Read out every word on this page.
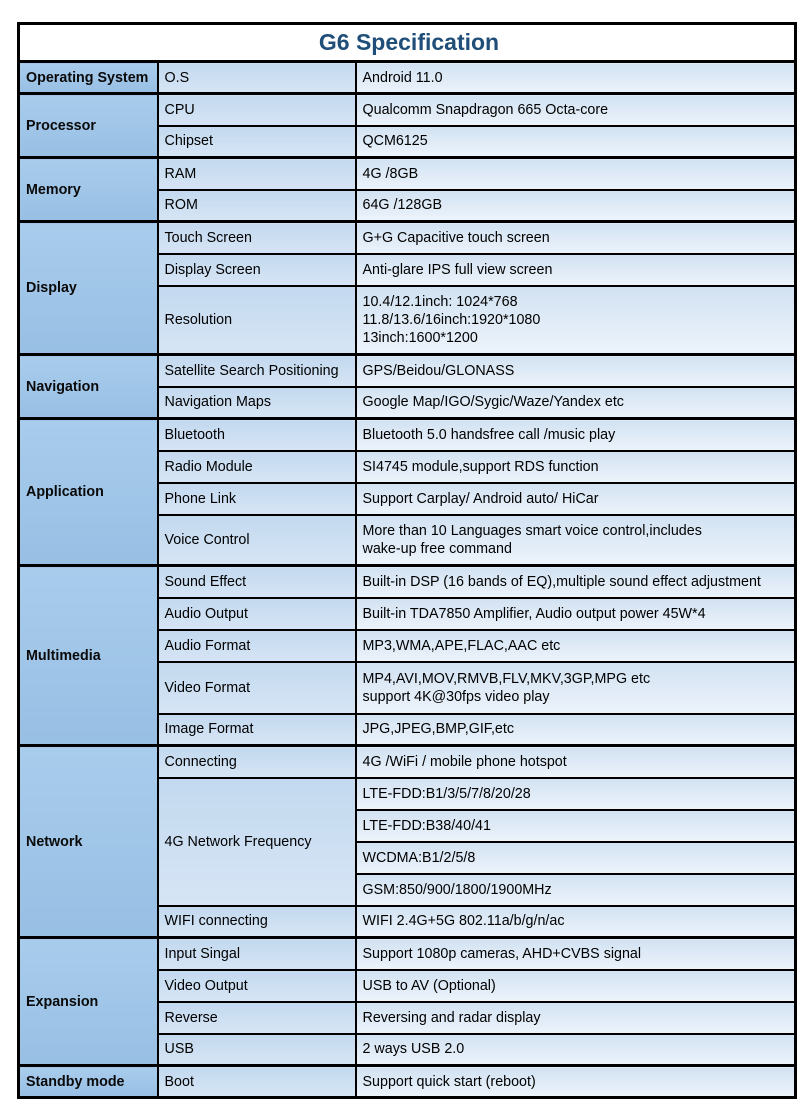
G6 Specification		
Operating System	O.S	Android 11.0
Processor	CPU	Qualcomm Snapdragon 665 Octa-core
	Chipset	QCM6125
Memory	RAM	4G /8GB
	ROM	64G /128GB
Display	Touch Screen	G+G Capacitive touch screen
	Display Screen	Anti-glare IPS full view screen
	Resolution	10.4/12.1inch: 1024*768
11.8/13.6/16inch:1920*1080
13inch:1600*1200

Navigation	Satellite Search Positioning	GPS/Beidou/GLONASS
	Navigation Maps	Google Map/IGO/Sygic/Waze/Yandex etc
Application	Bluetooth	Bluetooth 5.0 handsfree call /music play
	Radio Module	SI4745 module,support RDS function
	Phone Link	Support Carplay/ Android auto/ HiCar
	Voice Control	More than 10 Languages smart voice control,includes
wake-up free command

Multimedia	Sound Effect	Built-in DSP (16 bands of EQ),multiple sound effect adjustment
	Audio Output	Built-in TDA7850 Amplifier, Audio output power 45W*4
	Audio Format	MP3,WMA,APE,FLAC,AAC etc
	Video Format	MP4,AVI,MOV,RMVB,FLV,MKV,3GP,MPG etc
support 4K@30fps video play

	Image Format	JPG,JPEG,BMP,GIF,etc
Network	Connecting	4G /WiFi / mobile phone hotspot
	4G Network Frequency	LTE-FDD:B1/3/5/7/8/20/28
		LTE-FDD:B38/40/41
		WCDMA:B1/2/5/8
		GSM:850/900/1800/1900MHz
	WIFI connecting	WIFI 2.4G+5G 802.11a/b/g/n/ac
Expansion	Input Singal	Support 1080p cameras, AHD+CVBS signal
	Video Output	USB to AV (Optional)
	Reverse	Reversing and radar display
	USB	2 ways USB 2.0
Standby mode	Boot	Support quick start (reboot)
